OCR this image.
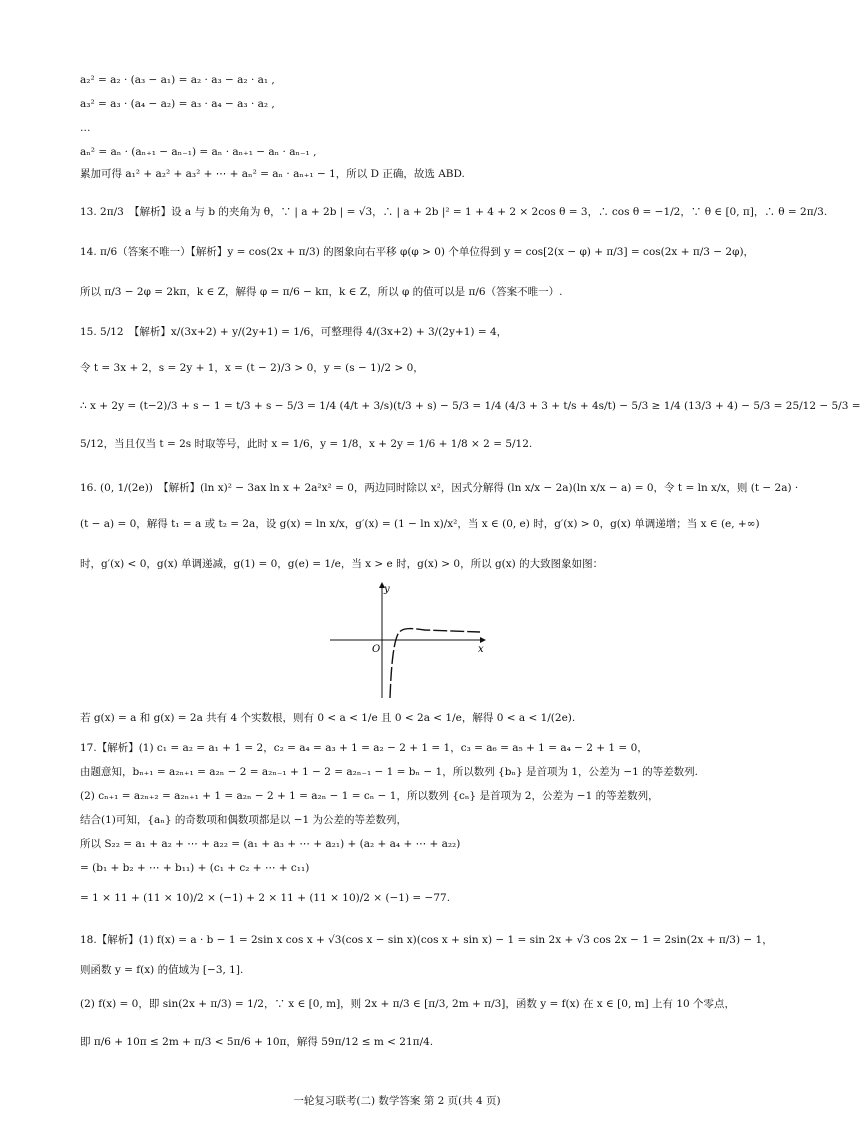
a₂² = a₂ · (a₃ − a₁) = a₂ · a₃ − a₂ · a₁ ,
a₃² = a₃ · (a₄ − a₂) = a₃ · a₄ − a₃ · a₂ ,
…
aₙ² = aₙ · (aₙ₊₁ − aₙ₋₁) = aₙ · aₙ₊₁ − aₙ · aₙ₋₁ ,
累加可得 a₁² + a₂² + a₃² + ⋯ + aₙ² = aₙ · aₙ₊₁ − 1，所以 D 正确，故选 ABD.
13. 2π/3　【解析】设 a 与 b 的夹角为 θ，∵ | a + 2b | = √3，∴ | a + 2b |² = 1 + 4 + 2 × 2cos θ = 3，∴ cos θ = −1/2，∵ θ ∈ [0, π]，∴ θ = 2π/3.
14. π/6（答案不唯一）【解析】y = cos(2x + π/3) 的图象向右平移 φ(φ > 0) 个单位得到 y = cos[2(x − φ) + π/3] = cos(2x + π/3 − 2φ)，
所以 π/3 − 2φ = 2kπ，k ∈ Z，解得 φ = π/6 − kπ，k ∈ Z，所以 φ 的值可以是 π/6（答案不唯一）.
15. 5/12　【解析】x/(3x+2) + y/(2y+1) = 1/6，可整理得 4/(3x+2) + 3/(2y+1) = 4，
令 t = 3x + 2，s = 2y + 1，x = (t − 2)/3 > 0，y = (s − 1)/2 > 0，
∴ x + 2y = (t−2)/3 + s − 1 = t/3 + s − 5/3 = 1/4 (4/t + 3/s)(t/3 + s) − 5/3 = 1/4 (4/3 + 3 + t/s + 4s/t) − 5/3 ≥ 1/4 (13/3 + 4) − 5/3 = 25/12 − 5/3 =
5/12，当且仅当 t = 2s 时取等号，此时 x = 1/6，y = 1/8，x + 2y = 1/6 + 1/8 × 2 = 5/12.
16. (0, 1/(2e))　【解析】(ln x)² − 3ax ln x + 2a²x² = 0，两边同时除以 x²，因式分解得 (ln x/x − 2a)(ln x/x − a) = 0，令 t = ln x/x，则 (t − 2a) ·
(t − a) = 0，解得 t₁ = a 或 t₂ = 2a，设 g(x) = ln x/x，g′(x) = (1 − ln x)/x²，当 x ∈ (0, e) 时，g′(x) > 0，g(x) 单调递增；当 x ∈ (e, +∞)
时，g′(x) < 0，g(x) 单调递减，g(1) = 0，g(e) = 1/e，当 x > e 时，g(x) > 0，所以 g(x) 的大致图象如图：
若 g(x) = a 和 g(x) = 2a 共有 4 个实数根，则有 0 < a < 1/e 且 0 < 2a < 1/e，解得 0 < a < 1/(2e).
17.【解析】(1) c₁ = a₂ = a₁ + 1 = 2，c₂ = a₄ = a₃ + 1 = a₂ − 2 + 1 = 1，c₃ = a₆ = a₅ + 1 = a₄ − 2 + 1 = 0，
由题意知，bₙ₊₁ = a₂ₙ₊₁ = a₂ₙ − 2 = a₂ₙ₋₁ + 1 − 2 = a₂ₙ₋₁ − 1 = bₙ − 1，所以数列 {bₙ} 是首项为 1，公差为 −1 的等差数列.
(2) cₙ₊₁ = a₂ₙ₊₂ = a₂ₙ₊₁ + 1 = a₂ₙ − 2 + 1 = a₂ₙ − 1 = cₙ − 1，所以数列 {cₙ} 是首项为 2，公差为 −1 的等差数列，
结合(1)可知，{aₙ} 的奇数项和偶数项都是以 −1 为公差的等差数列，
所以 S₂₂ = a₁ + a₂ + ⋯ + a₂₂ = (a₁ + a₃ + ⋯ + a₂₁) + (a₂ + a₄ + ⋯ + a₂₂)
= (b₁ + b₂ + ⋯ + b₁₁) + (c₁ + c₂ + ⋯ + c₁₁)
= 1 × 11 + (11 × 10)/2 × (−1) + 2 × 11 + (11 × 10)/2 × (−1) = −77.
18.【解析】(1) f(x) = a · b − 1 = 2sin x cos x + √3(cos x − sin x)(cos x + sin x) − 1 = sin 2x + √3 cos 2x − 1 = 2sin(2x + π/3) − 1，
则函数 y = f(x) 的值域为 [−3, 1].
(2) f(x) = 0，即 sin(2x + π/3) = 1/2，∵ x ∈ [0, m]，则 2x + π/3 ∈ [π/3, 2m + π/3]，函数 y = f(x) 在 x ∈ [0, m] 上有 10 个零点，
即 π/6 + 10π ≤ 2m + π/3 < 5π/6 + 10π，解得 59π/12 ≤ m < 21π/4.
y
x
O
一轮复习联考(二) 数学答案 第 2 页(共 4 页)
